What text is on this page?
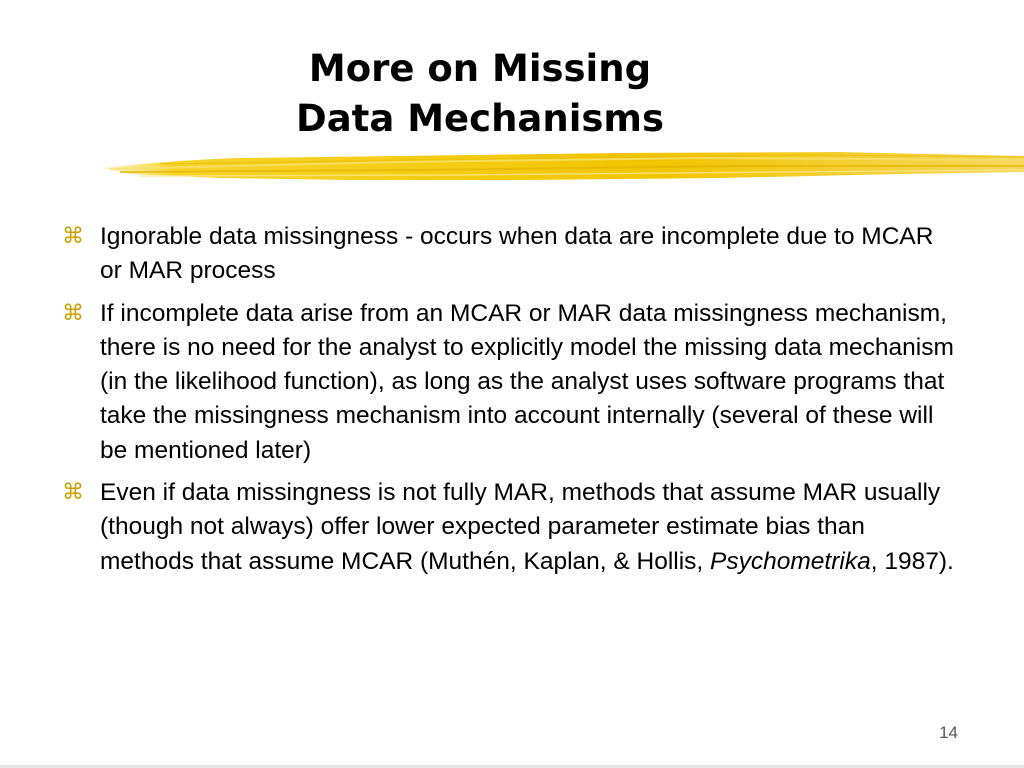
More on Missing
Data Mechanisms
⌘ Ignorable data missingness - occurs when data are incomplete due to MCAR or MAR process
⌘ If incomplete data arise from an MCAR or MAR data missingness mechanism, there is no need for the analyst to explicitly model the missing data mechanism (in the likelihood function), as long as the analyst uses software programs that take the missingness mechanism into account internally (several of these will be mentioned later)
⌘ Even if data missingness is not fully MAR, methods that assume MAR usually (though not always) offer lower expected parameter estimate bias than methods that assume MCAR (Muthén, Kaplan, & Hollis, Psychometrika, 1987).
14
